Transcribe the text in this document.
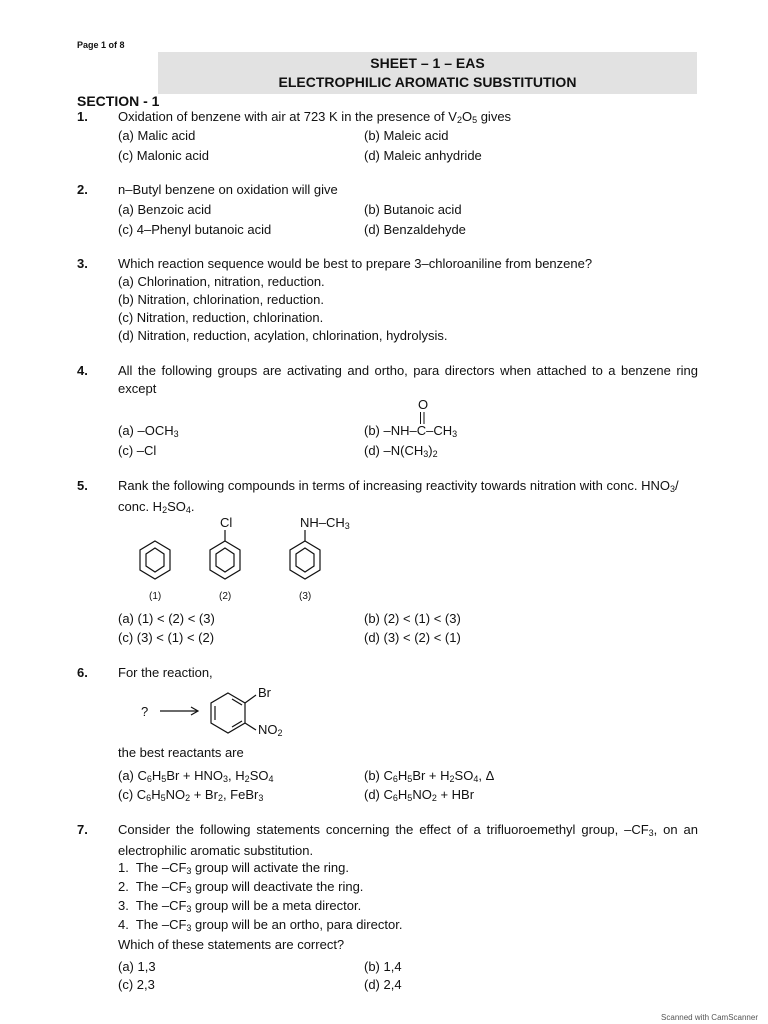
Page 1 of 8
SHEET – 1 – EAS
ELECTROPHILIC AROMATIC SUBSTITUTION
SECTION - 1
1. Oxidation of benzene with air at 723 K in the presence of $V_2O_5$ gives
(a) Malic acid	(b) Maleic acid
(c) Malonic acid	(d) Maleic anhydride
2. n–Butyl benzene on oxidation will give
(a) Benzoic acid	(b) Butanoic acid
(c) 4–Phenyl butanoic acid	(d) Benzaldehyde
3. Which reaction sequence would be best to prepare 3–chloroaniline from benzene?
(a) Chlorination, nitration, reduction.
(b) Nitration, chlorination, reduction.
(c) Nitration, reduction, chlorination.
(d) Nitration, reduction, acylation, chlorination, hydrolysis.
4. All the following groups are activating and ortho, para directors when attached to a benzene ring except
O
(a) $-OCH_3$	(b) $-NH-C-CH_3$
(c) –Cl	(d) $-N(CH_3)_2$
5. Rank the following compounds in terms of increasing reactivity towards nitration with conc. $HNO_3/$ conc. $H_2SO_4$.
Cl	$NH-CH_3$
(1)	(2)	(3)
(a) (1) < (2) < (3)	(b) (2) < (1) < (3)
(c) (3) < (1) < (2)	(d) (3) < (2) < (1)
6. For the reaction,
?
Br
$NO_2$
the best reactants are
(a) $C_6H_5Br + HNO_3$, $H_2SO_4$	(b) $C_6H_5Br + H_2SO_4$, Δ
(c) $C_6H_5NO_2 + Br_2$, FeBr$_3$	(d) $C_6H_5NO_2$ + HBr
7. Consider the following statements concerning the effect of a trifluoroemethyl group, $-CF_3$, on an electrophilic aromatic substitution.
1.  The $-CF_3$ group will activate the ring.
2.  The $-CF_3$ group will deactivate the ring.
3.  The $-CF_3$ group will be a meta director.
4.  The $-CF_3$ group will be an ortho, para director.
Which of these statements are correct?
(a) 1,3	(b) 1,4
(c) 2,3	(d) 2,4
Scanned with CamScanner
